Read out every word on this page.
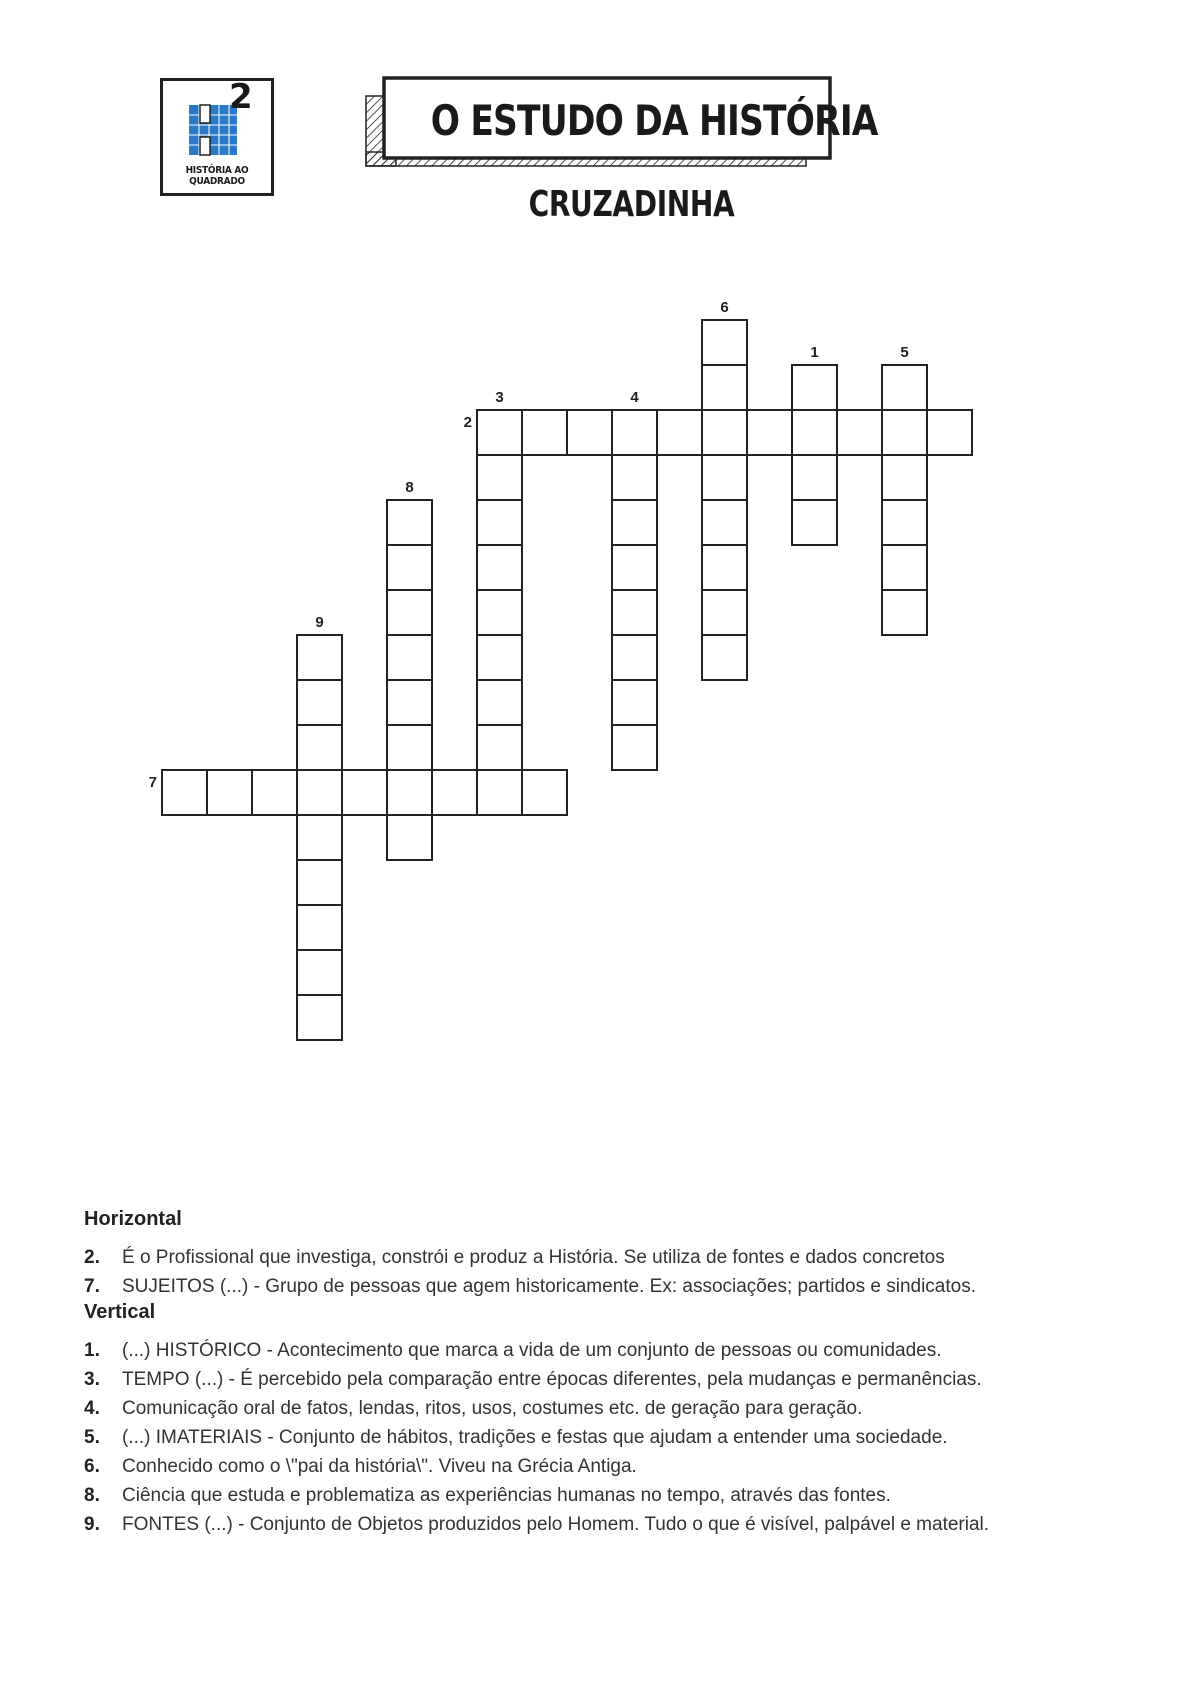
2
HISTÓRIA AO
QUADRADO
O ESTUDO DA HISTÓRIA
CRUZADINHA
2
7
1
3	4
5
6
8
9
Horizontal
2.	É o Profissional que investiga, constrói e produz a História. Se utiliza de fontes e dados concretos
7.	SUJEITOS (...) - Grupo de pessoas que agem historicamente. Ex: associações; partidos e sindicatos.
Vertical
1.	(...) HISTÓRICO - Acontecimento que marca a vida de um conjunto de pessoas ou comunidades.
3.	TEMPO (...) - É percebido pela comparação entre épocas diferentes, pela mudanças e permanências.
4.	Comunicação oral de fatos, lendas, ritos, usos, costumes etc. de geração para geração.
5.	(...) IMATERIAIS - Conjunto de hábitos, tradições e festas que ajudam a entender uma sociedade.
6.	Conhecido como o \"pai da história\". Viveu na Grécia Antiga.
8.	Ciência que estuda e problematiza as experiências humanas no tempo, através das fontes.
9.	FONTES (...) - Conjunto de Objetos produzidos pelo Homem. Tudo o que é visível, palpável e material.
